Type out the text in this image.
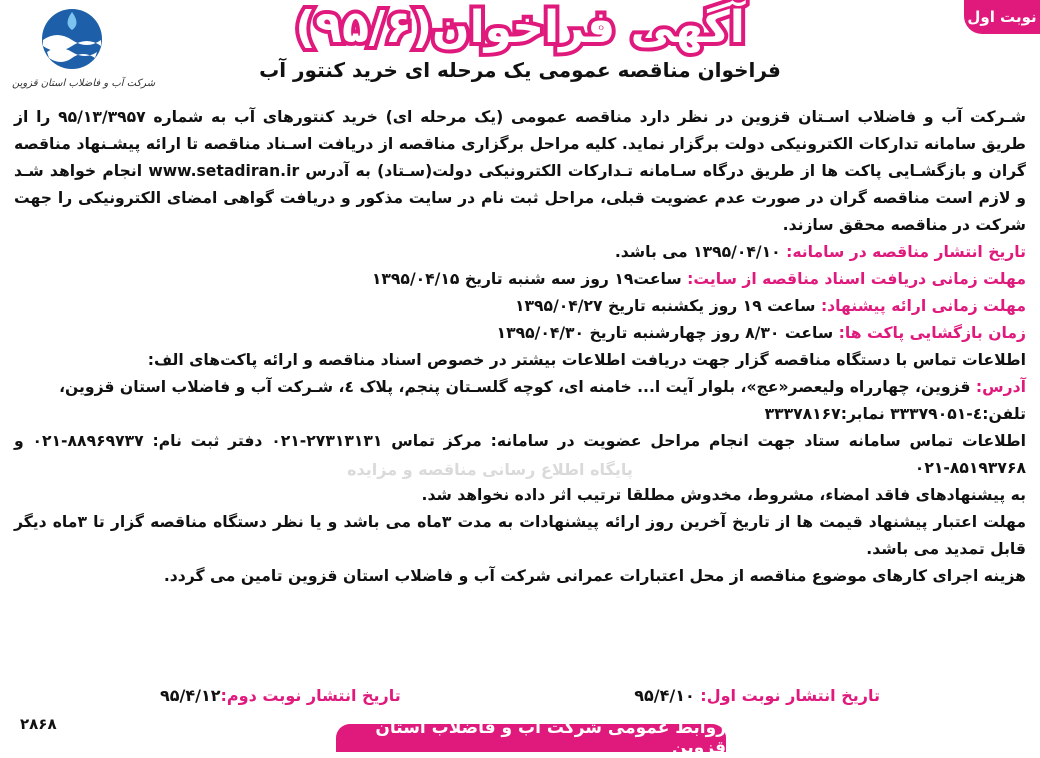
نوبت اول
شرکت آب و فاضلاب استان قزوین
آگهی فراخوان(۹۵/۶)
فراخوان مناقصه عمومی یک مرحله ای خرید کنتور آب

شـرکت آب و فاضلاب اسـتان قزوین در نظر دارد مناقصه عمومی (یک مرحله ای) خرید کنتورهای آب به شماره ۹۵/۱۳/۳۹۵۷ را از طریق سامانه تدارکات الکترونیکی دولت برگزار نماید. کلیه مراحل برگزاری مناقصه از دریافت اسـناد مناقصه تا ارائه پیشـنهاد مناقصه گران و بازگشـایی پاکت ها از طریق درگاه سـامانه تـدارکات الکترونیکی دولت(سـتاد) به آدرس www.setadiran.ir انجام خواهد شـد و لازم است مناقصه گران در صورت عدم عضویت قبلی، مراحل ثبت نام در سایت مذکور و دریافت گواهی امضای الکترونیکی را جهت شرکت در مناقصه محقق سازند.

تاریخ انتشار مناقصه در سامانه: ۱۳۹۵/۰۴/۱۰ می باشد.

مهلت زمانی دریافت اسناد مناقصه از سایت: ساعت۱۹ روز سه شنبه تاریخ ۱۳۹۵/۰۴/۱۵

مهلت زمانی ارائه پیشنهاد: ساعت ۱۹ روز یکشنبه تاریخ ۱۳۹۵/۰۴/۲۷

زمان بازگشایی پاکت ها: ساعت ۸/۳۰ روز چهارشنبه تاریخ ۱۳۹۵/۰۴/۳۰

اطلاعات تماس با دستگاه مناقصه گزار جهت دریافت اطلاعات بیشتر در خصوص اسناد مناقصه و ارائه پاکت‌های الف:

آدرس: قزوین، چهارراه ولیعصر«عج»، بلوار آیت ا... خامنه ای، کوچه گلسـتان پنجم، پلاک ٤، شـرکت آب و فاضلاب استان قزوین،

تلفن:٤-۳۳۳۷۹۰۵۱ نمابر:۳۳۳۷۸۱۶۷

اطلاعات تماس سامانه ستاد جهت انجام مراحل عضویت در سامانه: مرکز تماس ۲۷۳۱۳۱۳۱-۰۲۱ دفتر ثبت نام: ۸۸۹۶۹۷۳۷-۰۲۱ و ۸۵۱۹۳۷۶۸-۰۲۱

به پیشنهادهای فاقد امضاء، مشروط، مخدوش مطلقا ترتیب اثر داده نخواهد شد.

مهلت اعتبار پیشنهاد قیمت ها از تاریخ آخرین روز ارائه پیشنهادات به مدت ۳ماه می باشد و یا نظر دستگاه مناقصه گزار تا ۳ماه دیگر قابل تمدید می باشد.

هزینه اجرای کارهای موضوع مناقصه از محل اعتبارات عمرانی شرکت آب و فاضلاب استان قزوین تامین می گردد.

پایگاه اطلاع رسانی مناقصه و مزایده
تاریخ انتشار نوبت اول: ۹۵/۴/۱۰
تاریخ انتشار نوبت دوم:۹۵/۴/۱۲
۲۸۶۸	روابط عمومی شرکت آب و فاضلاب استان قزوین
